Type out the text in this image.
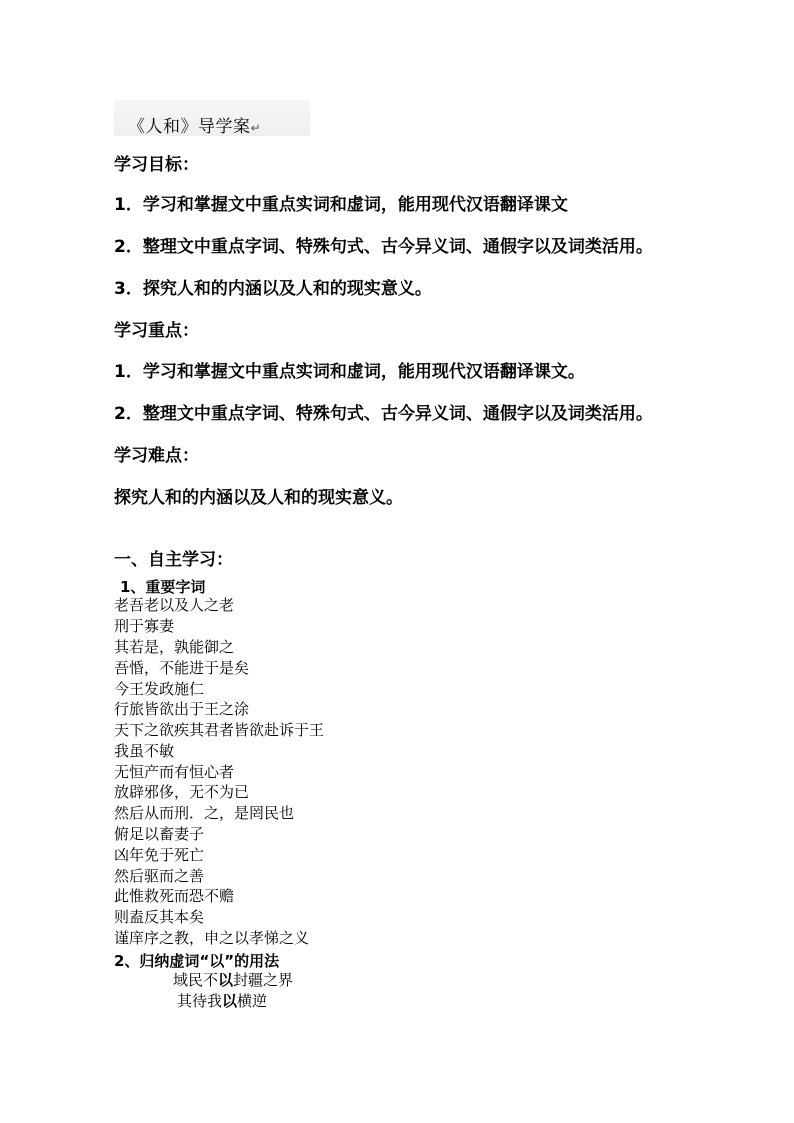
《人和》导学案↵
学习目标：
1．学习和掌握文中重点实词和虚词，能用现代汉语翻译课文
2．整理文中重点字词、特殊句式、古今异义词、通假字以及词类活用。
3．探究人和的内涵以及人和的现实意义。
学习重点：
1．学习和掌握文中重点实词和虚词，能用现代汉语翻译课文。
2．整理文中重点字词、特殊句式、古今异义词、通假字以及词类活用。
学习难点：
探究人和的内涵以及人和的现实意义。
一、自主学习：
1、重要字词
老吾老以及人之老
刑于寡妻
其若是，孰能御之
吾惛，不能进于是矣
今王发政施仁
行旅皆欲出于王之涂
天下之欲疾其君者皆欲赴诉于王
我虽不敏
无恒产而有恒心者
放辟邪侈，无不为已
然后从而刑．之，是罔民也
俯足以畜妻子
凶年免于死亡
然后驱而之善
此惟救死而恐不赡
则盍反其本矣
谨庠序之教，申之以孝悌之义
2、归纳虚词“以”的用法
域民不以封疆之界
其待我以横逆
